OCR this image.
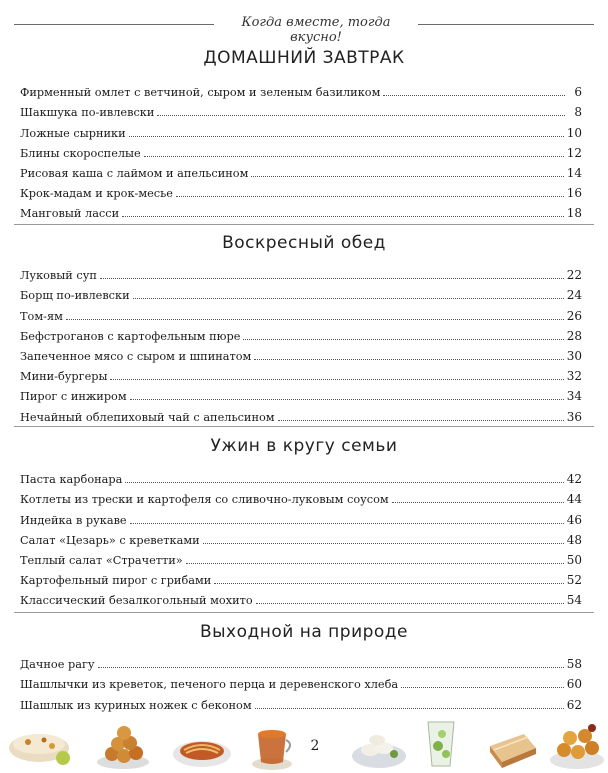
Когда вместе, тогда вкусно!
ДОМАШНИЙ ЗАВТРАК
Фирменный омлет с ветчиной, сыром и зеленым базиликом	6
Шакшука по-ивлевски	8
Ложные сырники	10
Блины скороспелые	12
Рисовая каша с лаймом и апельсином	14
Крок-мадам и крок-месье	16
Манговый ласси	18
Воскресный обед
Луковый суп	22
Борщ по-ивлевски	24
Том-ям	26
Бефстроганов с картофельным пюре	28
Запеченное мясо с сыром и шпинатом	30
Мини-бургеры	32
Пирог с инжиром	34
Нечайный облепиховый чай с апельсином	36
Ужин в кругу семьи
Паста карбонара	42
Котлеты из трески и картофеля со сливочно-луковым соусом	44
Индейка в рукаве	46
Салат «Цезарь» с креветками	48
Теплый салат «Страчетти»	50
Картофельный пирог с грибами	52
Классический безалкогольный мохито	54
Выходной на природе
Дачное рагу	58
Шашлычки из креветок, печеного перца и деревенского хлеба	60
Шашлык из куриных ножек с беконом	62
2
